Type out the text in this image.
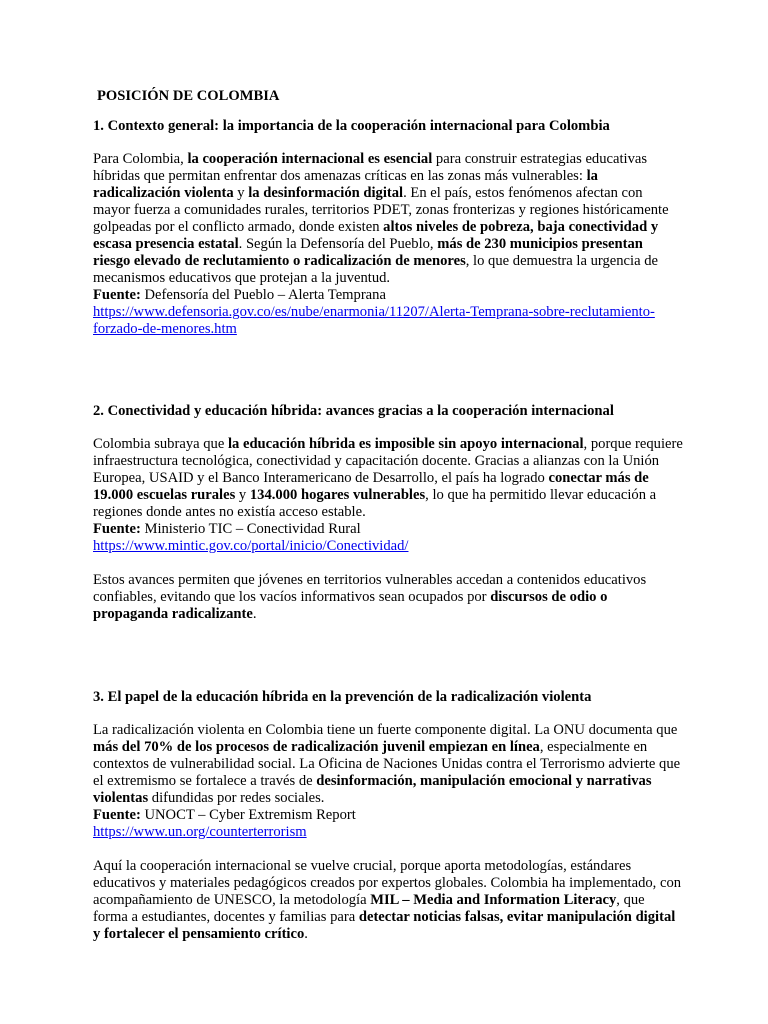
POSICIÓN DE COLOMBIA
1. Contexto general: la importancia de la cooperación internacional para Colombia

Para Colombia, la cooperación internacional es esencial para construir estrategias educativas híbridas que permitan enfrentar dos amenazas críticas en las zonas más vulnerables: la radicalización violenta y la desinformación digital. En el país, estos fenómenos afectan con mayor fuerza a comunidades rurales, territorios PDET, zonas fronterizas y regiones históricamente golpeadas por el conflicto armado, donde existen altos niveles de pobreza, baja conectividad y escasa presencia estatal. Según la Defensoría del Pueblo, más de 230 municipios presentan riesgo elevado de reclutamiento o radicalización de menores, lo que demuestra la urgencia de mecanismos educativos que protejan a la juventud.

Fuente: Defensoría del Pueblo – Alerta Temprana

https://www.defensoria.gov.co/es/nube/enarmonia/11207/Alerta-Temprana-sobre-reclutamiento-forzado-de-menores.htm

2. Conectividad y educación híbrida: avances gracias a la cooperación internacional

Colombia subraya que la educación híbrida es imposible sin apoyo internacional, porque requiere infraestructura tecnológica, conectividad y capacitación docente. Gracias a alianzas con la Unión Europea, USAID y el Banco Interamericano de Desarrollo, el país ha logrado conectar más de 19.000 escuelas rurales y 134.000 hogares vulnerables, lo que ha permitido llevar educación a regiones donde antes no existía acceso estable.

Fuente: Ministerio TIC – Conectividad Rural

https://www.mintic.gov.co/portal/inicio/Conectividad/

Estos avances permiten que jóvenes en territorios vulnerables accedan a contenidos educativos confiables, evitando que los vacíos informativos sean ocupados por discursos de odio o propaganda radicalizante.

3. El papel de la educación híbrida en la prevención de la radicalización violenta

La radicalización violenta en Colombia tiene un fuerte componente digital. La ONU documenta que más del 70% de los procesos de radicalización juvenil empiezan en línea, especialmente en contextos de vulnerabilidad social. La Oficina de Naciones Unidas contra el Terrorismo advierte que el extremismo se fortalece a través de desinformación, manipulación emocional y narrativas violentas difundidas por redes sociales.

Fuente: UNOCT – Cyber Extremism Report

https://www.un.org/counterterrorism

Aquí la cooperación internacional se vuelve crucial, porque aporta metodologías, estándares educativos y materiales pedagógicos creados por expertos globales. Colombia ha implementado, con acompañamiento de UNESCO, la metodología MIL – Media and Information Literacy, que forma a estudiantes, docentes y familias para detectar noticias falsas, evitar manipulación digital y fortalecer el pensamiento crítico.
